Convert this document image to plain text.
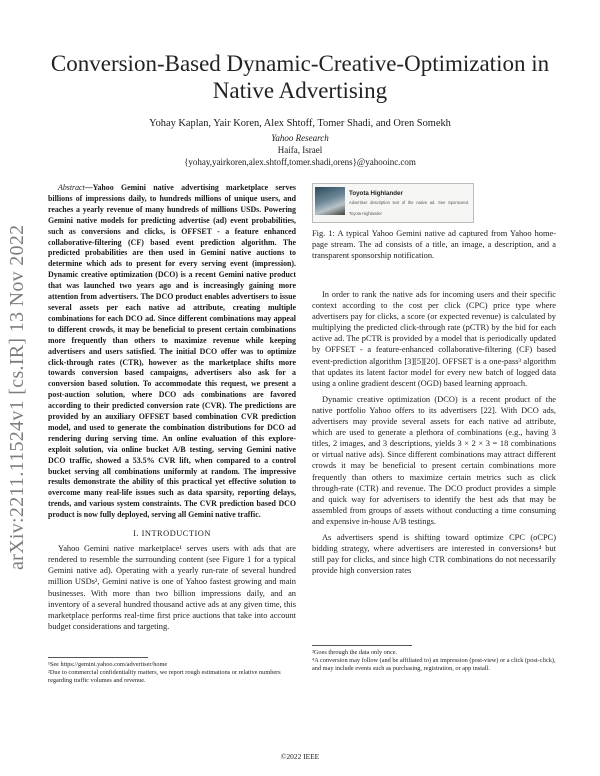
Conversion-Based Dynamic-Creative-Optimization in Native Advertising
Yohay Kaplan, Yair Koren, Alex Shtoff, Tomer Shadi, and Oren Somekh
Yahoo Research
Haifa, Israel
{yohay,yairkoren,alex.shtoff,tomer.shadi,orens}@yahooinc.com
arXiv:2211.11524v1 [cs.IR] 13 Nov 2022
Abstract—Yahoo Gemini native advertising marketplace serves billions of impressions daily, to hundreds millions of unique users, and reaches a yearly revenue of many hundreds of millions USDs. Powering Gemini native models for predicting advertise (ad) event probabilities, such as conversions and clicks, is OFFSET - a feature enhanced collaborative-filtering (CF) based event prediction algorithm. The predicted probabilities are then used in Gemini native auctions to determine which ads to present for every serving event (impression). Dynamic creative optimization (DCO) is a recent Gemini native product that was launched two years ago and is increasingly gaining more attention from advertisers. The DCO product enables advertisers to issue several assets per each native ad attribute, creating multiple combinations for each DCO ad. Since different combinations may appeal to different crowds, it may be beneficial to present certain combinations more frequently than others to maximize revenue while keeping advertisers and users satisfied. The initial DCO offer was to optimize click-through rates (CTR), however as the marketplace shifts more towards conversion based campaigns, advertisers also ask for a conversion based solution. To accommodate this request, we present a post-auction solution, where DCO ads combinations are favored according to their predicted conversion rate (CVR). The predictions are provided by an auxiliary OFFSET based combination CVR prediction model, and used to generate the combination distributions for DCO ad rendering during serving time. An online evaluation of this explore-exploit solution, via online bucket A/B testing, serving Gemini native DCO traffic, showed a 53.5% CVR lift, when compared to a control bucket serving all combinations uniformly at random. The impressive results demonstrate the ability of this practical yet effective solution to overcome many real-life issues such as data sparsity, reporting delays, trends, and various system constraints. The CVR prediction based DCO product is now fully deployed, serving all Gemini native traffic.
I. INTRODUCTION

Yahoo Gemini native marketplace¹ serves users with ads that are rendered to resemble the surrounding content (see Figure 1 for a typical Gemini native ad). Operating with a yearly run-rate of several hundred million USDs², Gemini native is one of Yahoo fastest growing and main businesses. With more than two billion impressions daily, and an inventory of a several hundred thousand active ads at any given time, this marketplace performs real-time first price auctions that take into account budget considerations and targeting.

Toyota Highlander
Advertiser description text of the native ad. See Sponsored. Toyota Highlander
Fig. 1: A typical Yahoo Gemini native ad captured from Yahoo home-page stream. The ad consists of a title, an image, a description, and a transparent sponsorship notification.

In order to rank the native ads for incoming users and their specific context according to the cost per click (CPC) price type where advertisers pay for clicks, a score (or expected revenue) is calculated by multiplying the predicted click-through rate (pCTR) by the bid for each active ad. The pCTR is provided by a model that is periodically updated by OFFSET - a feature-enhanced collaborative-filtering (CF) based event-prediction algorithm [3][5][20]. OFFSET is a one-pass³ algorithm that updates its latent factor model for every new batch of logged data using a online gradient descent (OGD) based learning approach.

Dynamic creative optimization (DCO) is a recent product of the native portfolio Yahoo offers to its advertisers [22]. With DCO ads, advertisers may provide several assets for each native ad attribute, which are used to generate a plethora of combinations (e.g., having 3 titles, 2 images, and 3 descriptions, yields 3 × 2 × 3 = 18 combinations or virtual native ads). Since different combinations may attract different crowds it may be beneficial to present certain combinations more frequently than others to maximize certain metrics such as click through-rate (CTR) and revenue. The DCO product provides a simple and quick way for advertisers to identify the best ads that may be assembled from groups of assets without conducting a time consuming and expensive in-house A/B testings.

As advertisers spend is shifting toward optimize CPC (oCPC) bidding strategy, where advertisers are interested in conversions⁴ but still pay for clicks, and since high CTR combinations do not necessarily provide high conversion rates

¹See https://gemini.yahoo.com/advertiser/home

²Due to commercial confidentiality matters, we report rough estimations or relative numbers regarding traffic volumes and revenue.

³Goes through the data only once.

⁴A conversion may follow (and be affiliated to) an impression (post-view) or a click (post-click), and may include events such as purchasing, registration, or app install.

©2022 IEEE
